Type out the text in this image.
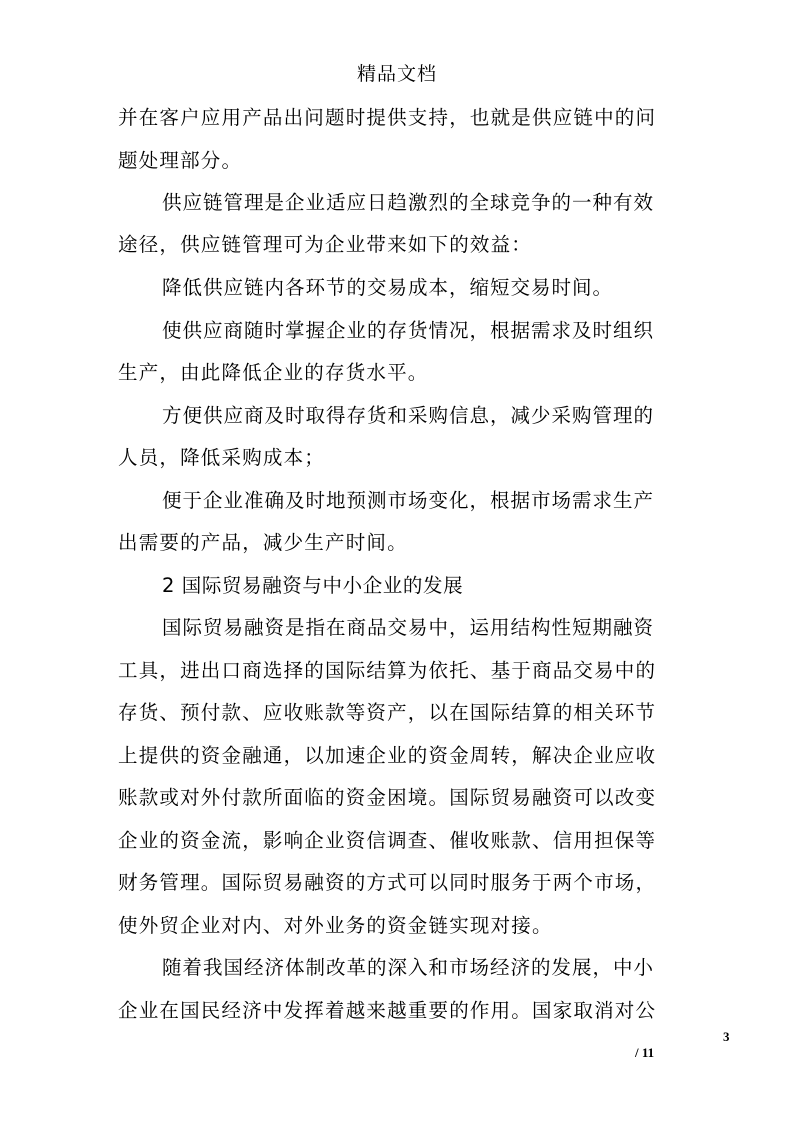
精品文档
并在客户应用产品出问题时提供支持，也就是供应链中的问
题处理部分。
供应链管理是企业适应日趋激烈的全球竞争的一种有效
途径，供应链管理可为企业带来如下的效益：
降低供应链内各环节的交易成本，缩短交易时间。
使供应商随时掌握企业的存货情况，根据需求及时组织
生产，由此降低企业的存货水平。
方便供应商及时取得存货和采购信息，减少采购管理的
人员，降低采购成本；
便于企业准确及时地预测市场变化，根据市场需求生产
出需要的产品，减少生产时间。
2 国际贸易融资与中小企业的发展
国际贸易融资是指在商品交易中，运用结构性短期融资
工具，进出口商选择的国际结算为依托、基于商品交易中的
存货、预付款、应收账款等资产，以在国际结算的相关环节
上提供的资金融通，以加速企业的资金周转，解决企业应收
账款或对外付款所面临的资金困境。国际贸易融资可以改变
企业的资金流，影响企业资信调查、催收账款、信用担保等
财务管理。国际贸易融资的方式可以同时服务于两个市场，
使外贸企业对内、对外业务的资金链实现对接。
随着我国经济体制改革的深入和市场经济的发展，中小
企业在国民经济中发挥着越来越重要的作用。国家取消对公
3
/ 11
